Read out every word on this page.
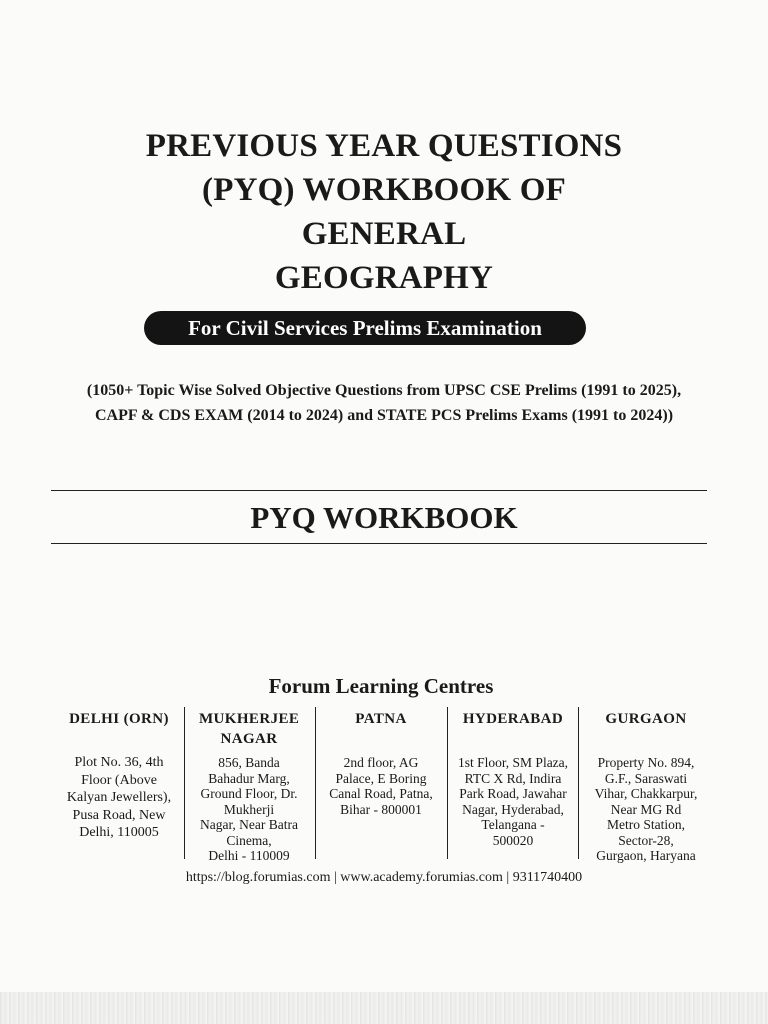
PREVIOUS YEAR QUESTIONS
(PYQ) WORKBOOK OF
GENERAL
GEOGRAPHY
For Civil Services Prelims Examination
(1050+ Topic Wise Solved Objective Questions from UPSC CSE Prelims (1991 to 2025),
CAPF & CDS EXAM (2014 to 2024) and STATE PCS Prelims Exams (1991 to 2024))
PYQ WORKBOOK
Forum Learning Centres
DELHI (ORN)
Plot No. 36, 4th
Floor (Above
Kalyan Jewellers),
Pusa Road, New
Delhi, 110005
MUKHERJEE NAGAR
856, Banda
Bahadur Marg,
Ground Floor, Dr.
Mukherji
Nagar, Near Batra
Cinema,
Delhi - 110009
PATNA
2nd floor, AG
Palace, E Boring
Canal Road, Patna,
Bihar - 800001
HYDERABAD
1st Floor, SM Plaza,
RTC X Rd, Indira
Park Road, Jawahar
Nagar, Hyderabad,
Telangana -
500020
GURGAON
Property No. 894,
G.F., Saraswati
Vihar, Chakkarpur,
Near MG Rd
Metro Station,
Sector-28,
Gurgaon, Haryana
https://blog.forumias.com | www.academy.forumias.com | 9311740400
